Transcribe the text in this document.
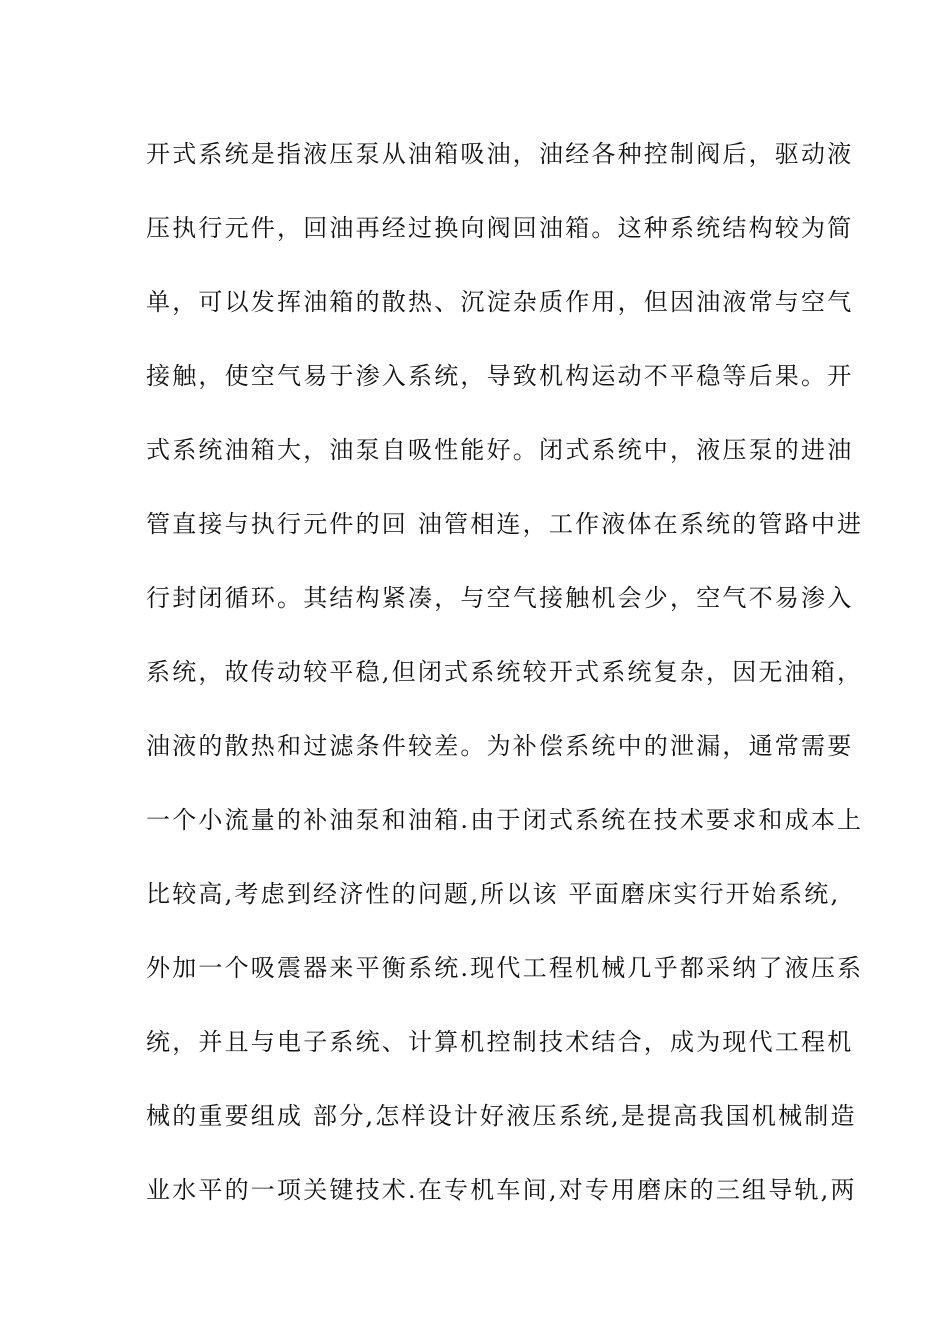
开式系统是指液压泵从油箱吸油，油经各种控制阀后，驱动液
压执行元件，回油再经过换向阀回油箱。这种系统结构较为简
单，可以发挥油箱的散热、沉淀杂质作用，但因油液常与空气
接触，使空气易于渗入系统，导致机构运动不平稳等后果。开
式系统油箱大，油泵自吸性能好。闭式系统中，液压泵的进油
管直接与执行元件的回 油管相连，工作液体在系统的管路中进
行封闭循环。其结构紧凑，与空气接触机会少，空气不易渗入
系统，故传动较平稳,但闭式系统较开式系统复杂，因无油箱，
油液的散热和过滤条件较差。为补偿系统中的泄漏，通常需要
一个小流量的补油泵和油箱.由于闭式系统在技术要求和成本上
比较高,考虑到经济性的问题,所以该 平面磨床实行开始系统,
外加一个吸震器来平衡系统.现代工程机械几乎都采纳了液压系
统，并且与电子系统、计算机控制技术结合，成为现代工程机
械的重要组成 部分,怎样设计好液压系统,是提高我国机械制造
业水平的一项关键技术.在专机车间,对专用磨床的三组导轨,两
